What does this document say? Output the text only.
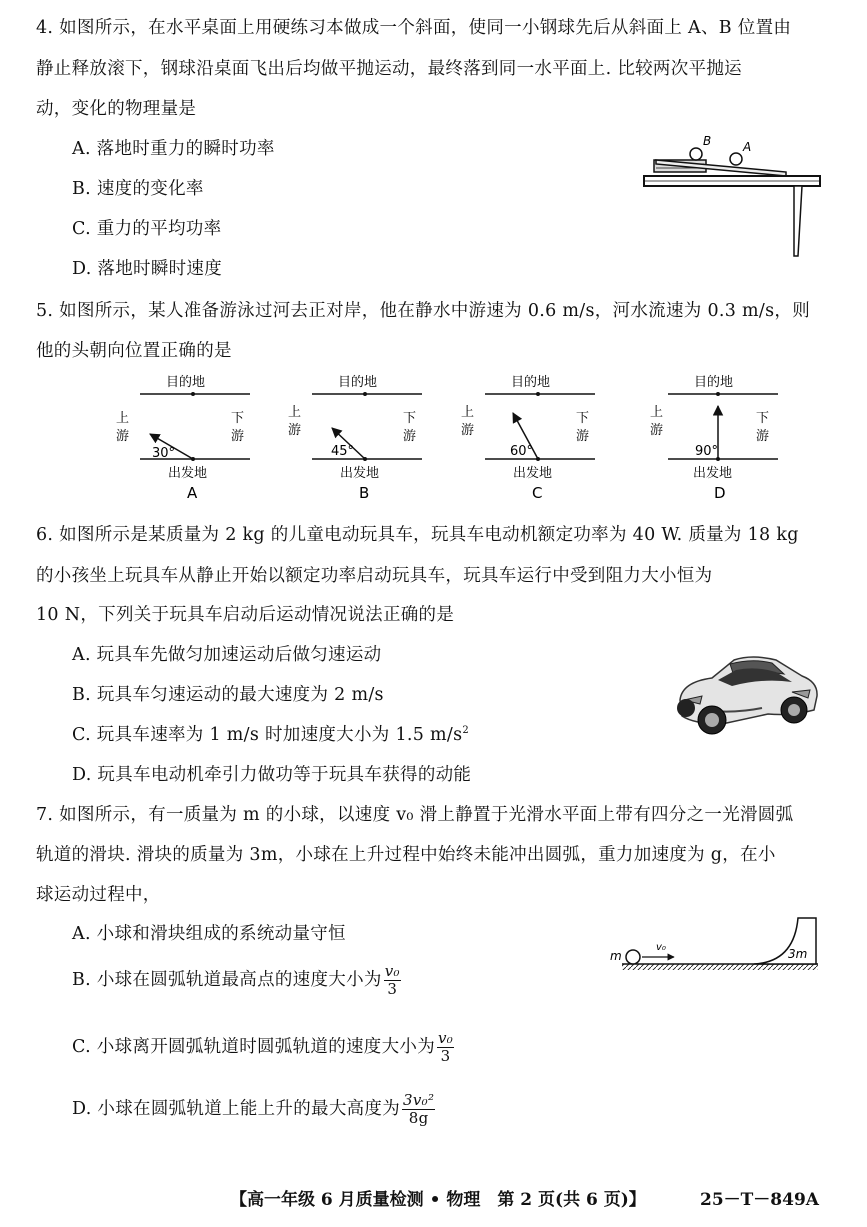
4. 如图所示，在水平桌面上用硬练习本做成一个斜面，使同一小钢球先后从斜面上 A、B 位置由
静止释放滚下，钢球沿桌面飞出后均做平抛运动，最终落到同一水平面上. 比较两次平抛运
动，变化的物理量是
A. 落地时重力的瞬时功率
B. 速度的变化率
C. 重力的平均功率
D. 落地时瞬时速度
B	A
5. 如图所示，某人准备游泳过河去正对岸，他在静水中游速为 0.6 m/s，河水流速为 0.3 m/s，则
他的头朝向位置正确的是
目的地
30°
上
游
下
游
出发地
A
目的地
45°
上
游
下
游
出发地
B
目的地
60°
上
游
下
游
出发地
C
目的地
90°
上
游
下
游
出发地
D
6. 如图所示是某质量为 2 kg 的儿童电动玩具车，玩具车电动机额定功率为 40 W. 质量为 18 kg
的小孩坐上玩具车从静止开始以额定功率启动玩具车，玩具车运行中受到阻力大小恒为
10 N，下列关于玩具车启动后运动情况说法正确的是
A. 玩具车先做匀加速运动后做匀速运动
B. 玩具车匀速运动的最大速度为 2 m/s
C. 玩具车速率为 1 m/s 时加速度大小为 1.5 $m/s^2$
D. 玩具车电动机牵引力做功等于玩具车获得的动能
7. 如图所示，有一质量为 m 的小球，以速度 v₀ 滑上静置于光滑水平面上带有四分之一光滑圆弧
轨道的滑块. 滑块的质量为 3m，小球在上升过程中始终未能冲出圆弧，重力加速度为 g，在小
球运动过程中，
A. 小球和滑块组成的系统动量守恒
B. 小球在圆弧轨道最高点的速度大小为 $\frac{\text{v₀}}{3}$
C. 小球离开圆弧轨道时圆弧轨道的速度大小为 $\frac{\text{v₀}}{3}$
D. 小球在圆弧轨道上能上升的最大高度为 $\frac{\text{3v₀²}}{8g}$
m
v₀	3m
【高一年级 6 月质量检测 • 物理　第 2 页(共 6 页)】	25－T－849A
